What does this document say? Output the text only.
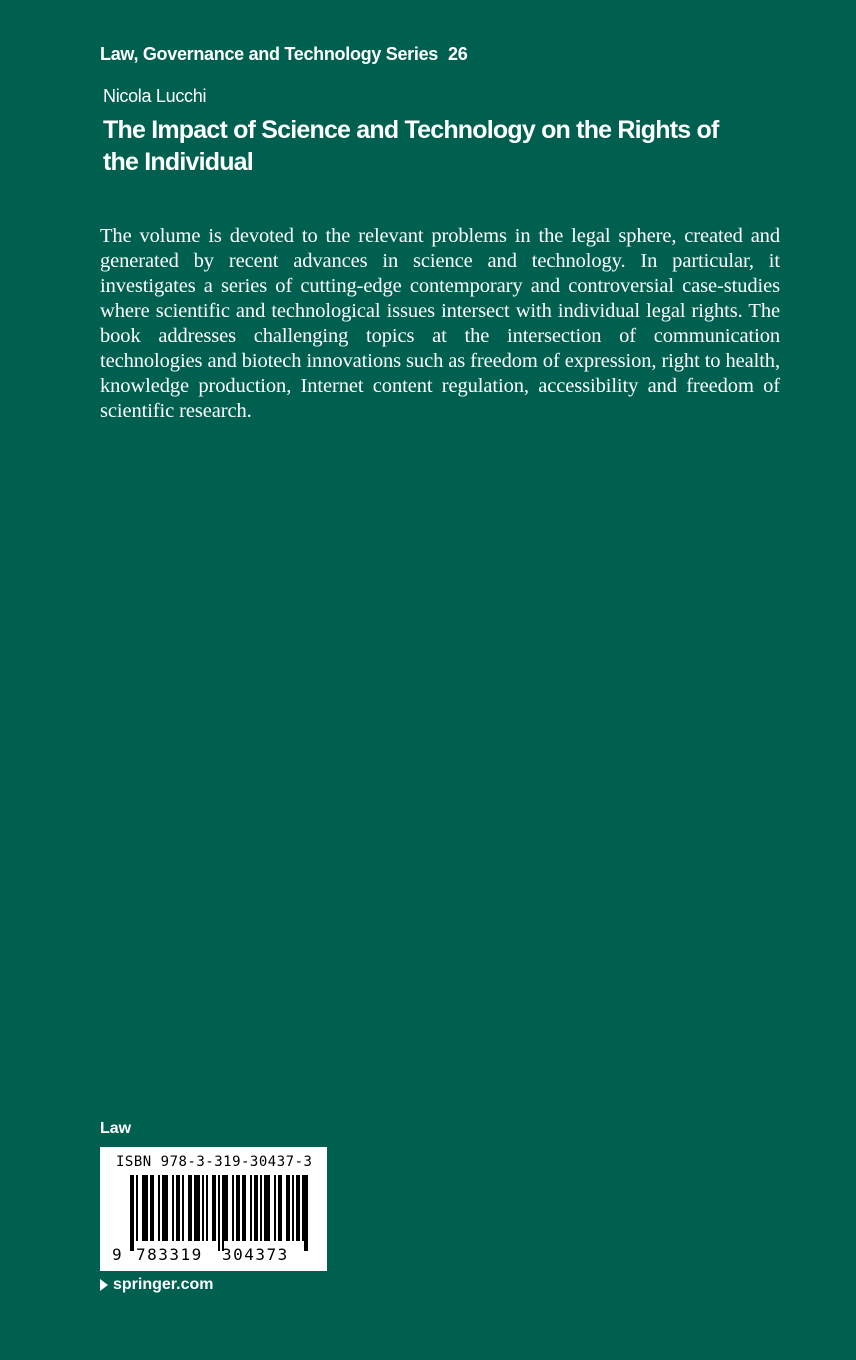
Law, Governance and Technology Series 26
Nicola Lucchi
The Impact of Science and Technology on the Rights of the Individual
The volume is devoted to the relevant problems in the legal sphere, created and generated by recent advances in science and technology. In particular, it investigates a series of cutting-edge contemporary and controversial case-studies where scientific and technological issues intersect with individual legal rights. The book addresses challenging topics at the intersection of communication technologies and biotech innovations such as freedom of expression, right to health, knowledge production, Internet content regulation, accessibility and freedom of scientific research.
Law
ISBN 978-3-319-30437-3
9 783319 304373
springer.com
